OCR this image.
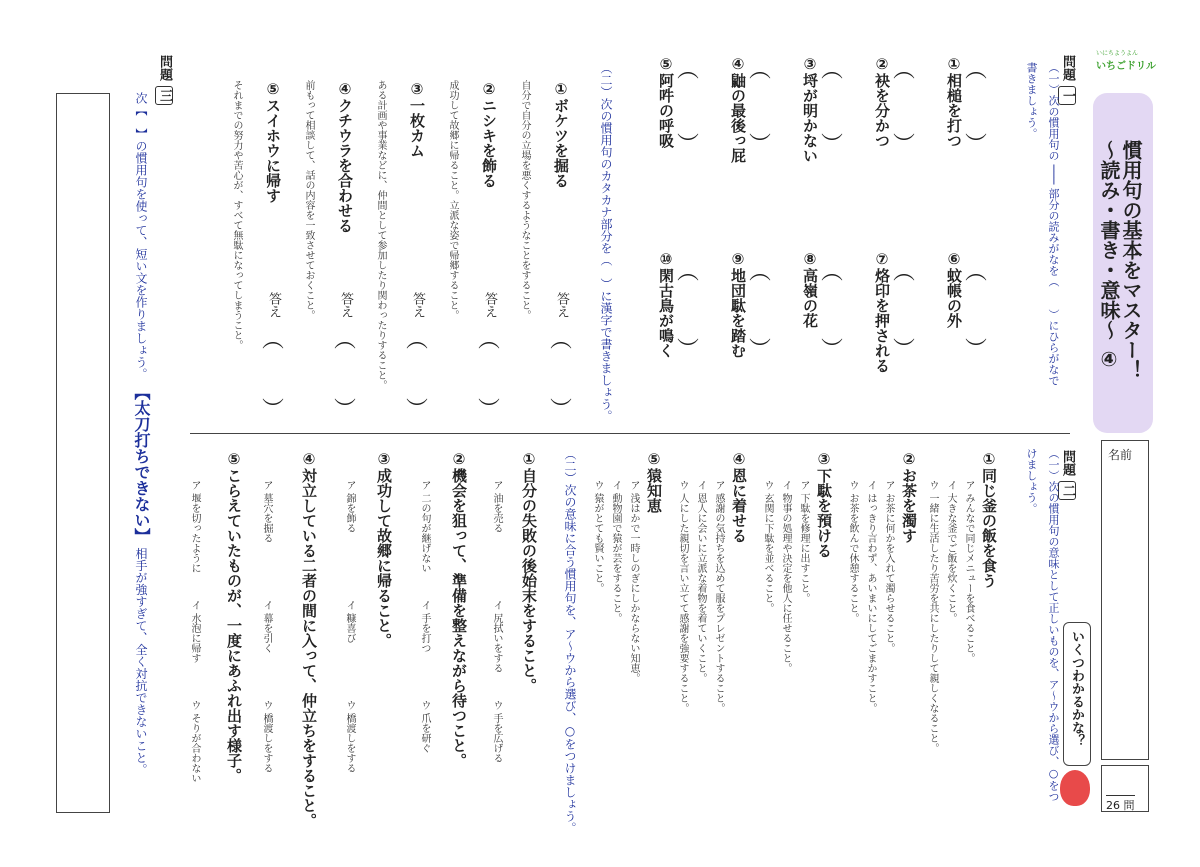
いにちようよん
いちごドリル
慣用句の基本をマスター！
〜読み・書き・意味〜 ④
名前
26 問
いくつわかるかな？
問題 一
（一）次の慣用句の ─── 部分の読みがなを（　　）にひらがなで書きましょう。
①相槌を打つ
②袂を分かつ
③埒が明かない
④鼬の最後っ屁
⑤阿吽の呼吸
⑥蚊帳の外
⑦烙印を押される
⑧高嶺の花
⑨地団駄を踏む
⑩閑古鳥が鳴く
︵
︶
︵
︶
︵
︶
︵
︶
︵
︶
︵
︶
︵
︶
︵
︶
︵
︶
︵
︶
（二）次の慣用句のカタカナ部分を（　）に漢字で書きましょう。
①ボケツを掘る
自分で自分の立場を悪くするようなことをすること。 答え
②ニシキを飾る
成功して故郷に帰ること。立派な姿で帰郷すること。 答え
③一枚カム
ある計画や事業などに、仲間として参加したり関わったりすること。 答え
④クチウラを合わせる
前もって相談して、話の内容を一致させておくこと。 答え
⑤スイホウに帰す
それまでの努力や苦心が、すべて無駄になってしまうこと。 答え
︵
︶
︵
︶
︵
︶
︵
︶
︵
︶
問題 三
次【　】の慣用句を使って、短い文を作りましょう。 【太刀打ちできない】 相手が強すぎて、全く対抗できないこと。
問題 二
（一）次の慣用句の意味として正しいものを、ア〜ウから選び、○をつけましょう。
①同じ釜の飯を食う
ア みんなで同じメニューを食べること。
イ 大きな釜でご飯を炊くこと。
ウ 一緒に生活したり苦労を共にしたりして親しくなること。
②お茶を濁す
ア お茶に何かを入れて濁らせること。
イ はっきり言わず、あいまいにしてごまかすこと。
ウ お茶を飲んで休憩すること。
③下駄を預ける
ア 下駄を修理に出すこと。
イ 物事の処理や決定を他人に任せること。
ウ 玄関に下駄を並べること。
④恩に着せる
ア 感謝の気持ちを込めて服をプレゼントすること。
イ 恩人に会いに立派な着物を着ていくこと。
ウ 人にした親切を言い立てて感謝を強要すること。
⑤猿知恵
ア 浅はかで一時しのぎにしかならない知恵。
イ 動物園で猿が芸をすること。
ウ 猿がとても賢いこと。
（二）次の意味に合う慣用句を、ア〜ウから選び、○をつけましょう。
①自分の失敗の後始末をすること。
ア 油を売る
イ 尻拭いをする
ウ 手を広げる
②機会を狙って、準備を整えながら待つこと。
ア 二の句が継げない
イ 手を打つ
ウ 爪を研ぐ
③成功して故郷に帰ること。
ア 錦を飾る
イ 糠喜び
ウ 橋渡しをする
④対立している二者の間に入って、仲立ちをすること。
ア 墓穴を掘る
イ 幕を引く
ウ 橋渡しをする
⑤こらえていたものが、一度にあふれ出す様子。
ア 堰を切ったように
イ 水泡に帰す
ウ そりが合わない
